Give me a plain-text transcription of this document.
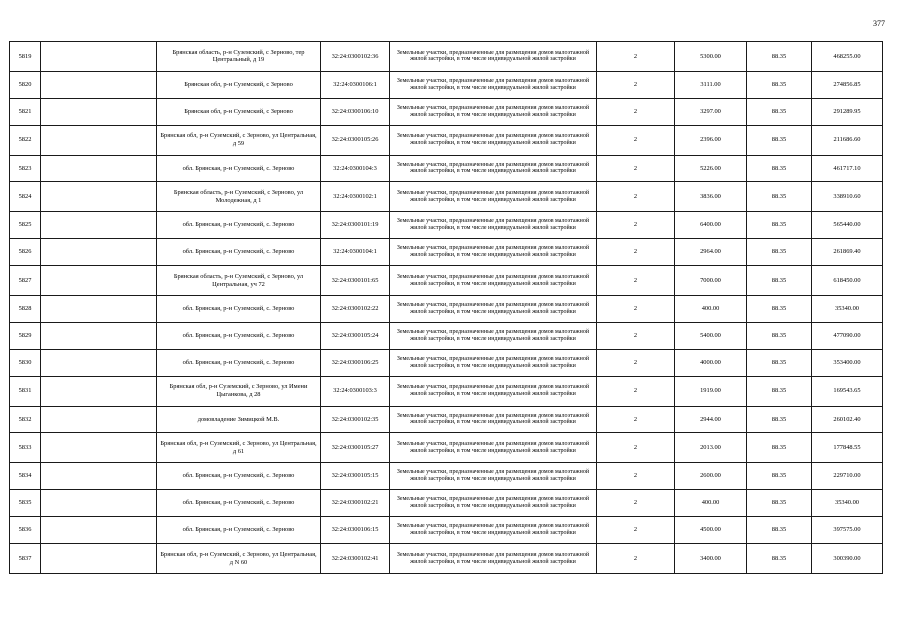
377
5819		Брянская область, р-н Суземский, с Зерново, тер Центральный, д 19	32:24:0300102:36	Земельные участки, предназначенные для размещения домов малоэтажной жилой застройки, в том числе индивидуальной жилой застройки	2	5300.00	88.35	468255.00
5820		Брянская обл, р-н Суземский, с Зерново	32:24:0300106:1	Земельные участки, предназначенные для размещения домов малоэтажной жилой застройки, в том числе индивидуальной жилой застройки	2	3111.00	88.35	274856.85
5821		Брянская обл, р-н Суземский, с Зерново	32:24:0300106:10	Земельные участки, предназначенные для размещения домов малоэтажной жилой застройки, в том числе индивидуальной жилой застройки	2	3297.00	88.35	291289.95
5822		Брянская обл, р-н Суземский, с Зерново, ул Центральная, д 59	32:24:0300105:26	Земельные участки, предназначенные для размещения домов малоэтажной жилой застройки, в том числе индивидуальной жилой застройки	2	2396.00	88.35	211686.60
5823		обл. Брянская, р-н Суземский, с. Зерново	32:24:0300104:3	Земельные участки, предназначенные для размещения домов малоэтажной жилой застройки, в том числе индивидуальной жилой застройки	2	5226.00	88.35	461717.10
5824		Брянская область, р-н Суземский, с Зерново, ул Молодежная, д 1	32:24:0300102:1	Земельные участки, предназначенные для размещения домов малоэтажной жилой застройки, в том числе индивидуальной жилой застройки	2	3836.00	88.35	338910.60
5825		обл. Брянская, р-н Суземский, с. Зерново	32:24:0300101:19	Земельные участки, предназначенные для размещения домов малоэтажной жилой застройки, в том числе индивидуальной жилой застройки	2	6400.00	88.35	565440.00
5826		обл. Брянская, р-н Суземский, с. Зерново	32:24:0300104:1	Земельные участки, предназначенные для размещения домов малоэтажной жилой застройки, в том числе индивидуальной жилой застройки	2	2964.00	88.35	261869.40
5827		Брянская область, р-н Суземский, с Зерново, ул Центральная, уч 72	32:24:0300101:65	Земельные участки, предназначенные для размещения домов малоэтажной жилой застройки, в том числе индивидуальной жилой застройки	2	7000.00	88.35	618450.00
5828		обл. Брянская, р-н Суземский, с. Зерново	32:24:0300102:22	Земельные участки, предназначенные для размещения домов малоэтажной жилой застройки, в том числе индивидуальной жилой застройки	2	400.00	88.35	35340.00
5829		обл. Брянская, р-н Суземский, с. Зерново	32:24:0300105:24	Земельные участки, предназначенные для размещения домов малоэтажной жилой застройки, в том числе индивидуальной жилой застройки	2	5400.00	88.35	477090.00
5830		обл. Брянская, р-н Суземский, с. Зерново	32:24:0300106:25	Земельные участки, предназначенные для размещения домов малоэтажной жилой застройки, в том числе индивидуальной жилой застройки	2	4000.00	88.35	353400.00
5831		Брянская обл, р-н Суземский, с Зерново, ул Имени Цыганкова, д 28	32:24:0300103:3	Земельные участки, предназначенные для размещения домов малоэтажной жилой застройки, в том числе индивидуальной жилой застройки	2	1919.00	88.35	169543.65
5832		домовладение Зимицкой М.В.	32:24:0300102:35	Земельные участки, предназначенные для размещения домов малоэтажной жилой застройки, в том числе индивидуальной жилой застройки	2	2944.00	88.35	260102.40
5833		Брянская обл, р-н Суземский, с Зерново, ул Центральная, д 61	32:24:0300105:27	Земельные участки, предназначенные для размещения домов малоэтажной жилой застройки, в том числе индивидуальной жилой застройки	2	2013.00	88.35	177848.55
5834		обл. Брянская, р-н Суземский, с. Зерново	32:24:0300105:15	Земельные участки, предназначенные для размещения домов малоэтажной жилой застройки, в том числе индивидуальной жилой застройки	2	2600.00	88.35	229710.00
5835		обл. Брянская, р-н Суземский, с. Зерново	32:24:0300102:21	Земельные участки, предназначенные для размещения домов малоэтажной жилой застройки, в том числе индивидуальной жилой застройки	2	400.00	88.35	35340.00
5836		обл. Брянская, р-н Суземский, с. Зерново	32:24:0300106:15	Земельные участки, предназначенные для размещения домов малоэтажной жилой застройки, в том числе индивидуальной жилой застройки	2	4500.00	88.35	397575.00
5837		Брянская обл, р-н Суземский, с Зерново, ул Центральная, д N 60	32:24:0300102:41	Земельные участки, предназначенные для размещения домов малоэтажной жилой застройки, в том числе индивидуальной жилой застройки	2	3400.00	88.35	300390.00
